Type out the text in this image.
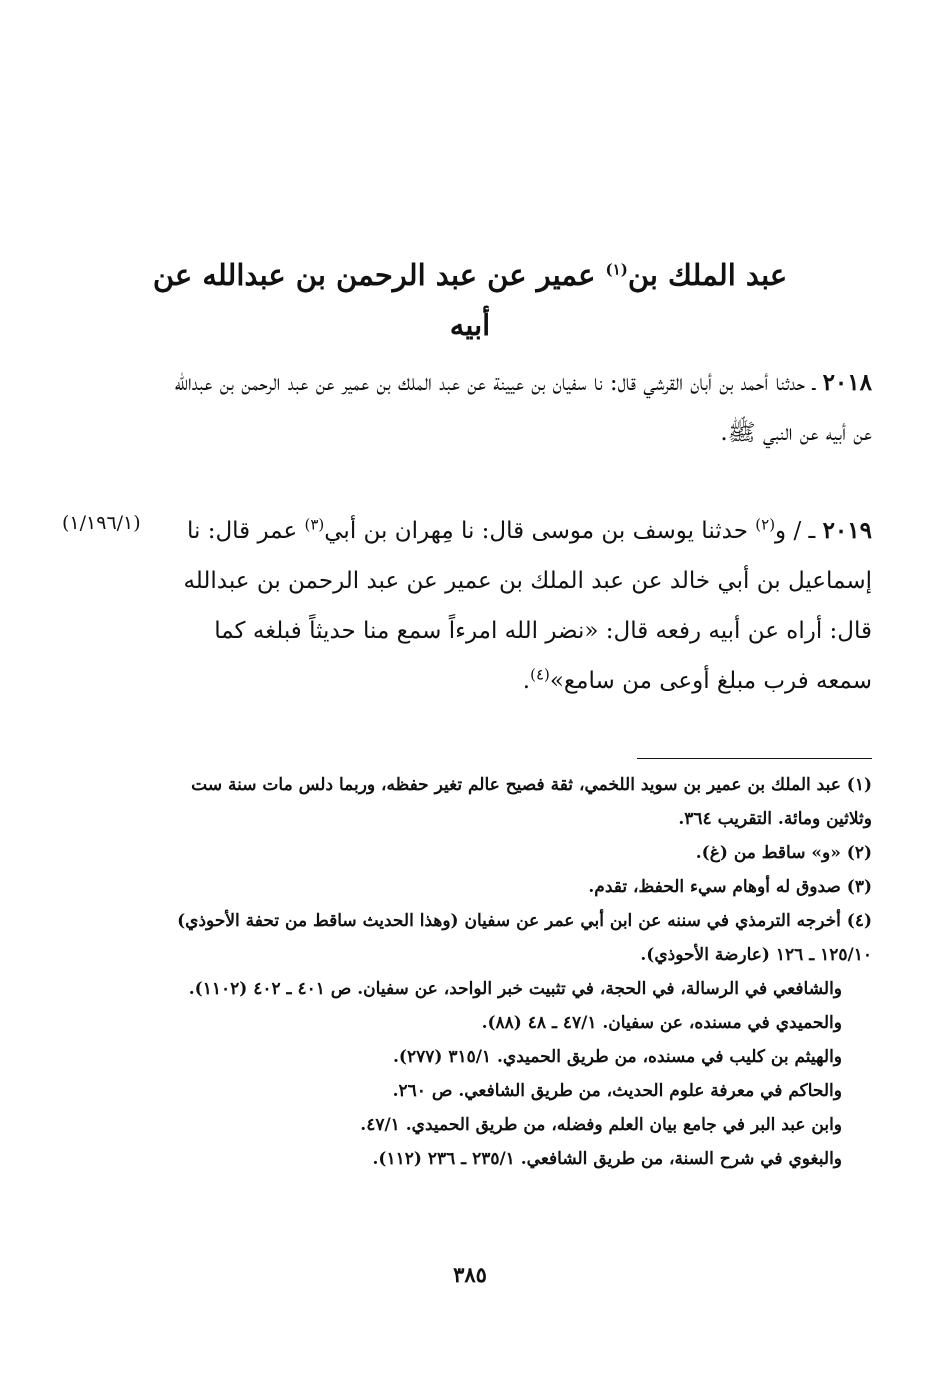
عبد الملك بن$^{(١)}$ عمير عن عبد الرحمن بن عبدالله عن أبيه
٢٠١٨ ـ حدثنا أحمد بن أبان القرشي قال: نا سفيان بن عيينة عن عبد الملك بن عمير عن عبد الرحمن بن عبدالله عن أبيه عن النبي ﷺ.
٢٠١٩ ـ / و$^{(٢)}$ حدثنا يوسف بن موسى قال: نا مِهران بن أبي$^{(٣)}$ عمر قال: نا إسماعيل بن أبي خالد عن عبد الملك بن عمير عن عبد الرحمن بن عبدالله قال: أراه عن أبيه رفعه قال: «نضر الله امرءاً سمع منا حديثاً فبلغه كما سمعه فرب مبلغ أوعى من سامع»$^{(٤)}$.
(١/١٩٦/١)

(١) عبد الملك بن عمير بن سويد اللخمي، ثقة فصيح عالم تغير حفظه، وربما دلس مات سنة ست وثلاثين ومائة. التقريب ٣٦٤.

(٢) «و» ساقط من (غ).

(٣) صدوق له أوهام سيء الحفظ، تقدم.

(٤) أخرجه الترمذي في سننه عن ابن أبي عمر عن سفيان (وهذا الحديث ساقط من تحفة الأحوذي) ١٢٥/١٠ ـ ١٢٦ (عارضة الأحوذي).

والشافعي في الرسالة، في الحجة، في تثبيت خبر الواحد، عن سفيان. ص ٤٠١ ـ ٤٠٢ (١١٠٢).

والحميدي في مسنده، عن سفيان. ٤٧/١ ـ ٤٨ (٨٨).

والهيثم بن كليب في مسنده، من طريق الحميدي. ٣١٥/١ (٢٧٧).

والحاكم في معرفة علوم الحديث، من طريق الشافعي. ص ٢٦٠.

وابن عبد البر في جامع بيان العلم وفضله، من طريق الحميدي. ٤٧/١.

والبغوي في شرح السنة، من طريق الشافعي. ٢٣٥/١ ـ ٢٣٦ (١١٢).

٣٨٥
